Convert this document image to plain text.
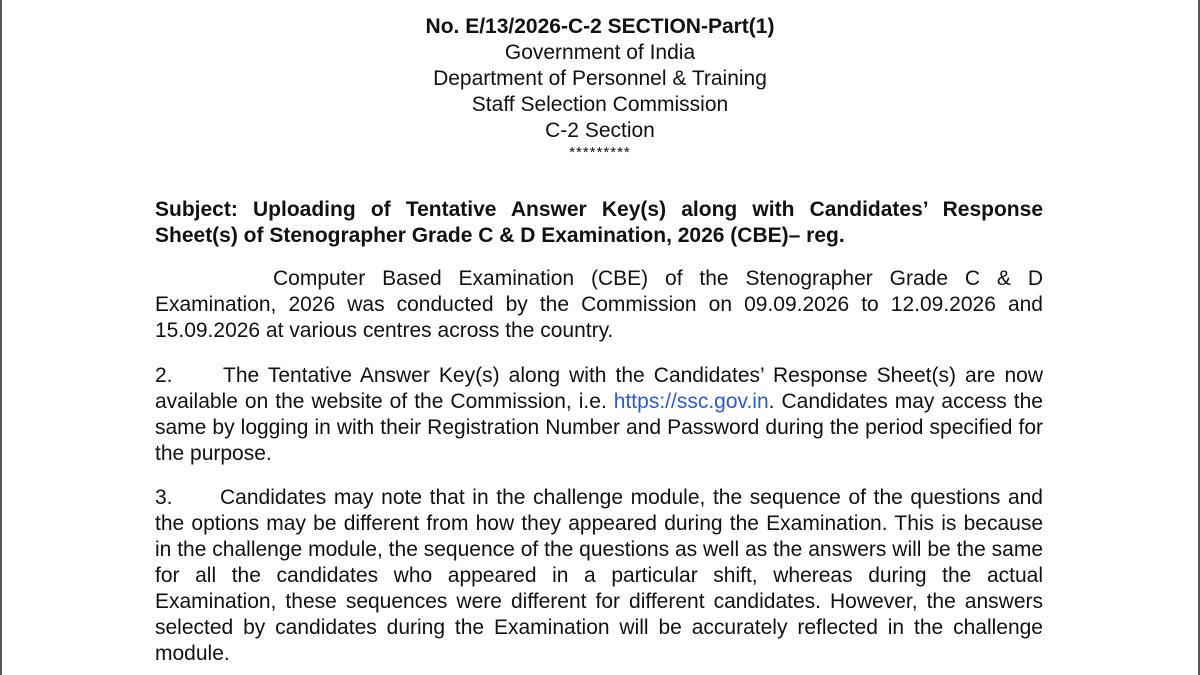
No. E/13/2026-C-2 SECTION-Part(1)
Government of India
Department of Personnel & Training
Staff Selection Commission
C-2 Section
*********
Subject: Uploading of Tentative Answer Key(s) along with Candidates’ Response Sheet(s) of Stenographer Grade C & D Examination, 2026 (CBE)– reg.
Computer Based Examination (CBE) of the Stenographer Grade C & D Examination, 2026 was conducted by the Commission on 09.09.2026 to 12.09.2026 and 15.09.2026 at various centres across the country.
2. The Tentative Answer Key(s) along with the Candidates’ Response Sheet(s) are now available on the website of the Commission, i.e. https://ssc.gov.in. Candidates may access the same by logging in with their Registration Number and Password during the period specified for the purpose.
3. Candidates may note that in the challenge module, the sequence of the questions and the options may be different from how they appeared during the Examination. This is because in the challenge module, the sequence of the questions as well as the answers will be the same for all the candidates who appeared in a particular shift, whereas during the actual Examination, these sequences were different for different candidates. However, the answers selected by candidates during the Examination will be accurately reflected in the challenge module.
